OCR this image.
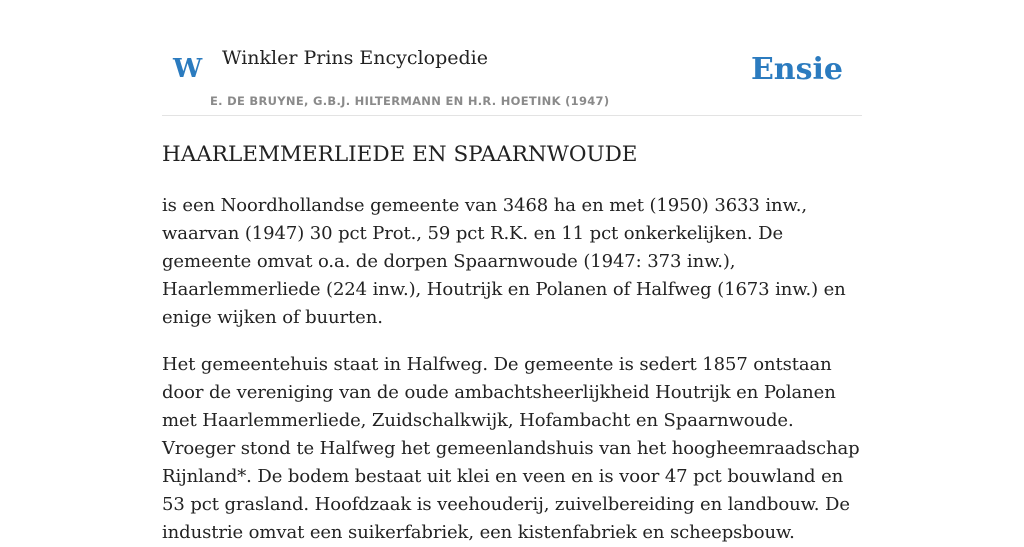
W Winkler Prins Encyclopedie
E. DE BRUYNE, G.B.J. HILTERMANN EN H.R. HOETINK (1947)
Ensie
HAARLEMMERLIEDE EN SPAARNWOUDE

is een Noordhollandse gemeente van 3468 ha en met (1950) 3633 inw., waarvan (1947) 30 pct Prot., 59 pct R.K. en 11 pct onkerkelijken. De gemeente omvat o.a. de dorpen Spaarnwoude (1947: 373 inw.), Haarlemmerliede (224 inw.), Houtrijk en Polanen of Halfweg (1673 inw.) en enige wijken of buurten.

Het gemeentehuis staat in Halfweg. De gemeente is sedert 1857 ontstaan door de vereniging van de oude ambachtsheerlijkheid Houtrijk en Polanen met Haarlemmerliede, Zuidschalkwijk, Hofambacht en Spaarnwoude. Vroeger stond te Halfweg het gemeenlandshuis van het hoogheemraadschap Rijnland*. De bodem bestaat uit klei en veen en is voor 47 pct bouwland en 53 pct grasland. Hoofdzaak is veehouderij, zuivelbereiding en landbouw. De industrie omvat een suikerfabriek, een kistenfabriek en scheepsbouw.
